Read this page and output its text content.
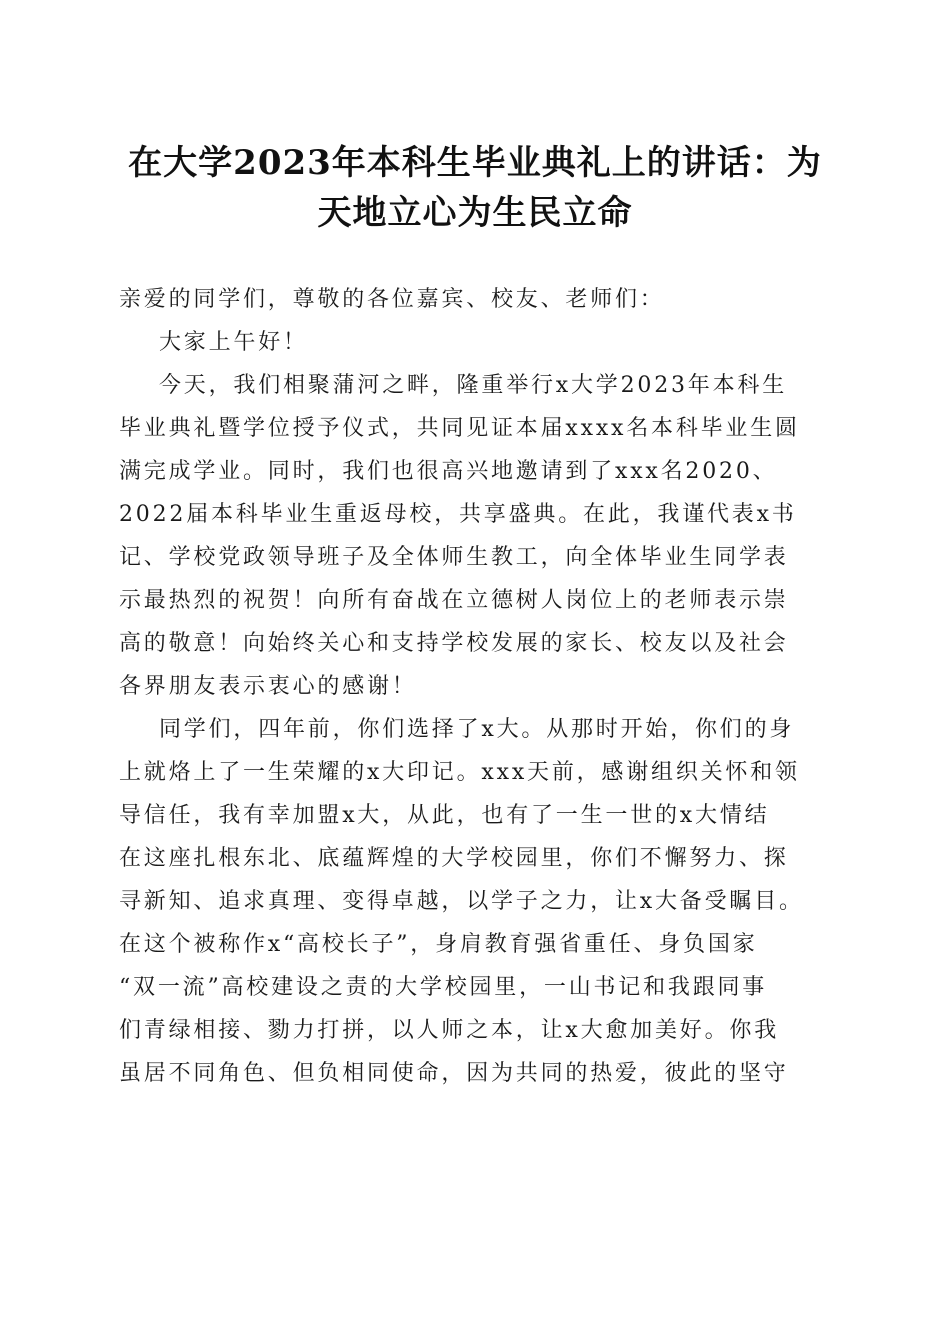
在大学2023年本科生毕业典礼上的讲话：为
天地立心为生民立命
亲爱的同学们，尊敬的各位嘉宾、校友、老师们：
大家上午好！
今天，我们相聚蒲河之畔，隆重举行x大学2023年本科生
毕业典礼暨学位授予仪式，共同见证本届xxxx名本科毕业生圆
满完成学业。同时，我们也很高兴地邀请到了xxx名2020、
2022届本科毕业生重返母校，共享盛典。在此，我谨代表x书
记、学校党政领导班子及全体师生教工，向全体毕业生同学表
示最热烈的祝贺！向所有奋战在立德树人岗位上的老师表示崇
高的敬意！向始终关心和支持学校发展的家长、校友以及社会
各界朋友表示衷心的感谢！
同学们，四年前，你们选择了x大。从那时开始，你们的身
上就烙上了一生荣耀的x大印记。xxx天前，感谢组织关怀和领
导信任，我有幸加盟x大，从此，也有了一生一世的x大情结
在这座扎根东北、底蕴辉煌的大学校园里，你们不懈努力、探
寻新知、追求真理、变得卓越，以学子之力，让x大备受瞩目。
在这个被称作x“高校长子”，身肩教育强省重任、身负国家
“双一流”高校建设之责的大学校园里，一山书记和我跟同事
们青绿相接、勠力打拼，以人师之本，让x大愈加美好。你我
虽居不同角色、但负相同使命，因为共同的热爱，彼此的坚守
